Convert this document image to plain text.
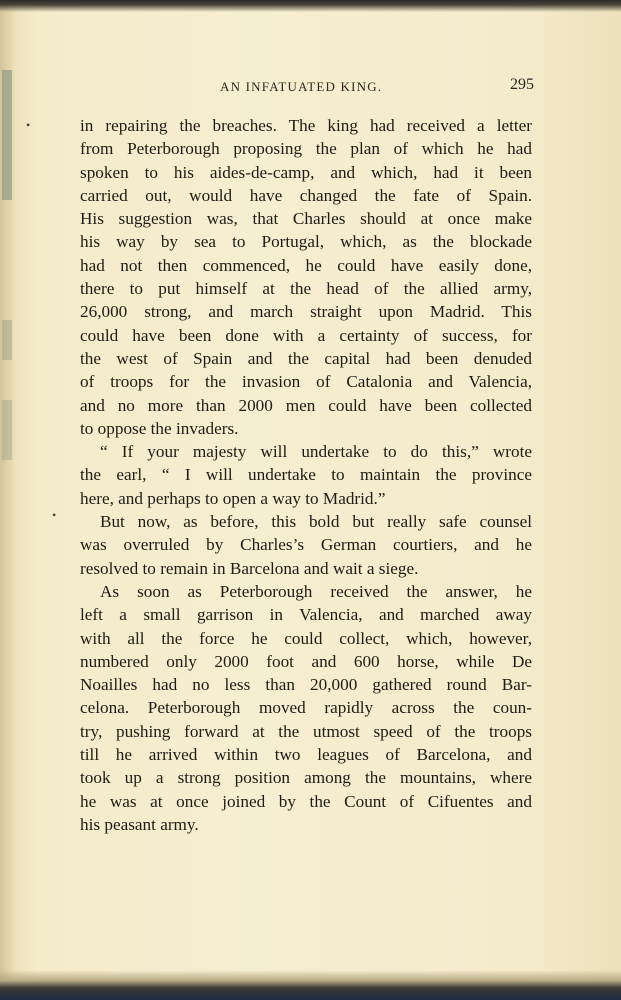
AN INFATUATED KING.	295
in repairing the breaches. The king had received a letter
from Peterborough proposing the plan of which he had
spoken to his aides-de-camp, and which, had it been
carried out, would have changed the fate of Spain.
His suggestion was, that Charles should at once make
his way by sea to Portugal, which, as the blockade
had not then commenced, he could have easily done,
there to put himself at the head of the allied army,
26,000 strong, and march straight upon Madrid. This
could have been done with a certainty of success, for
the west of Spain and the capital had been denuded
of troops for the invasion of Catalonia and Valencia,
and no more than 2000 men could have been collected
to oppose the invaders.
“ If your majesty will undertake to do this,” wrote
the earl, “ I will undertake to maintain the province
here, and perhaps to open a way to Madrid.”
But now, as before, this bold but really safe counsel
was overruled by Charles’s German courtiers, and he
resolved to remain in Barcelona and wait a siege.
As soon as Peterborough received the answer, he
left a small garrison in Valencia, and marched away
with all the force he could collect, which, however,
numbered only 2000 foot and 600 horse, while De
Noailles had no less than 20,000 gathered round Bar-
celona. Peterborough moved rapidly across the coun-
try, pushing forward at the utmost speed of the troops
till he arrived within two leagues of Barcelona, and
took up a strong position among the mountains, where
he was at once joined by the Count of Cifuentes and
his peasant army.
•
•
